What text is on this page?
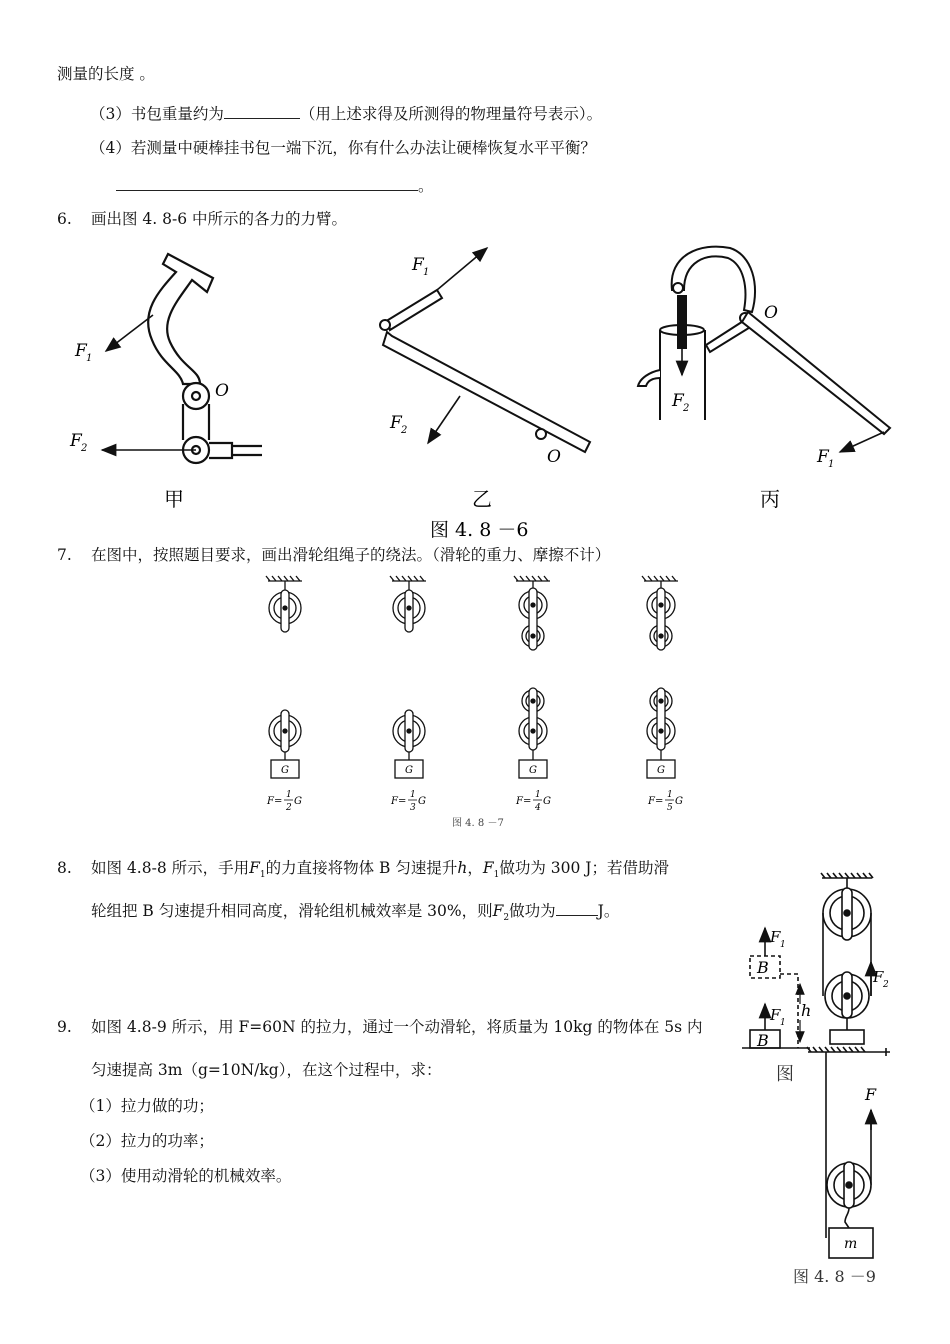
测量的长度 。
（3）书包重量约为	（用上述求得及所测得的物理量符号表示）。
（4）若测量中硬棒挂书包一端下沉，你有什么办法让硬棒恢复水平平衡？
。
6. 画出图 4. 8-6 中所示的各力的力臂。
F 1
F 2
O
甲
F 1
F 2
O
乙
F 2
F 1
O
丙
图 4. 8 －6
7. 在图中，按照题目要求，画出滑轮组绳子的绕法。（滑轮的重力、摩擦不计）
G	G	G	G
F=
1
2
G	F=
1
3
G	F=
1
4
G	F=
1
5
G
图 4. 8 －7
8. 如图 4.8-8 所示，手用$F_1$的力直接将物体 B 匀速提升h，$F_1$做功为 300 J；若借助滑
轮组把 B 匀速提升相同高度，滑轮组机械效率是 30%，则$F_2$做功为	J。
B
B
F 1
F 1
F 2
h
图
9. 如图 4.8-9 所示，用 F=60N 的拉力，通过一个动滑轮，将质量为 10kg 的物体在 5s 内
匀速提高 3m（g=10N/kg），在这个过程中，求：
（1）拉力做的功；
（2）拉力的功率；
（3）使用动滑轮的机械效率。
F
m
图 4. 8 －9
